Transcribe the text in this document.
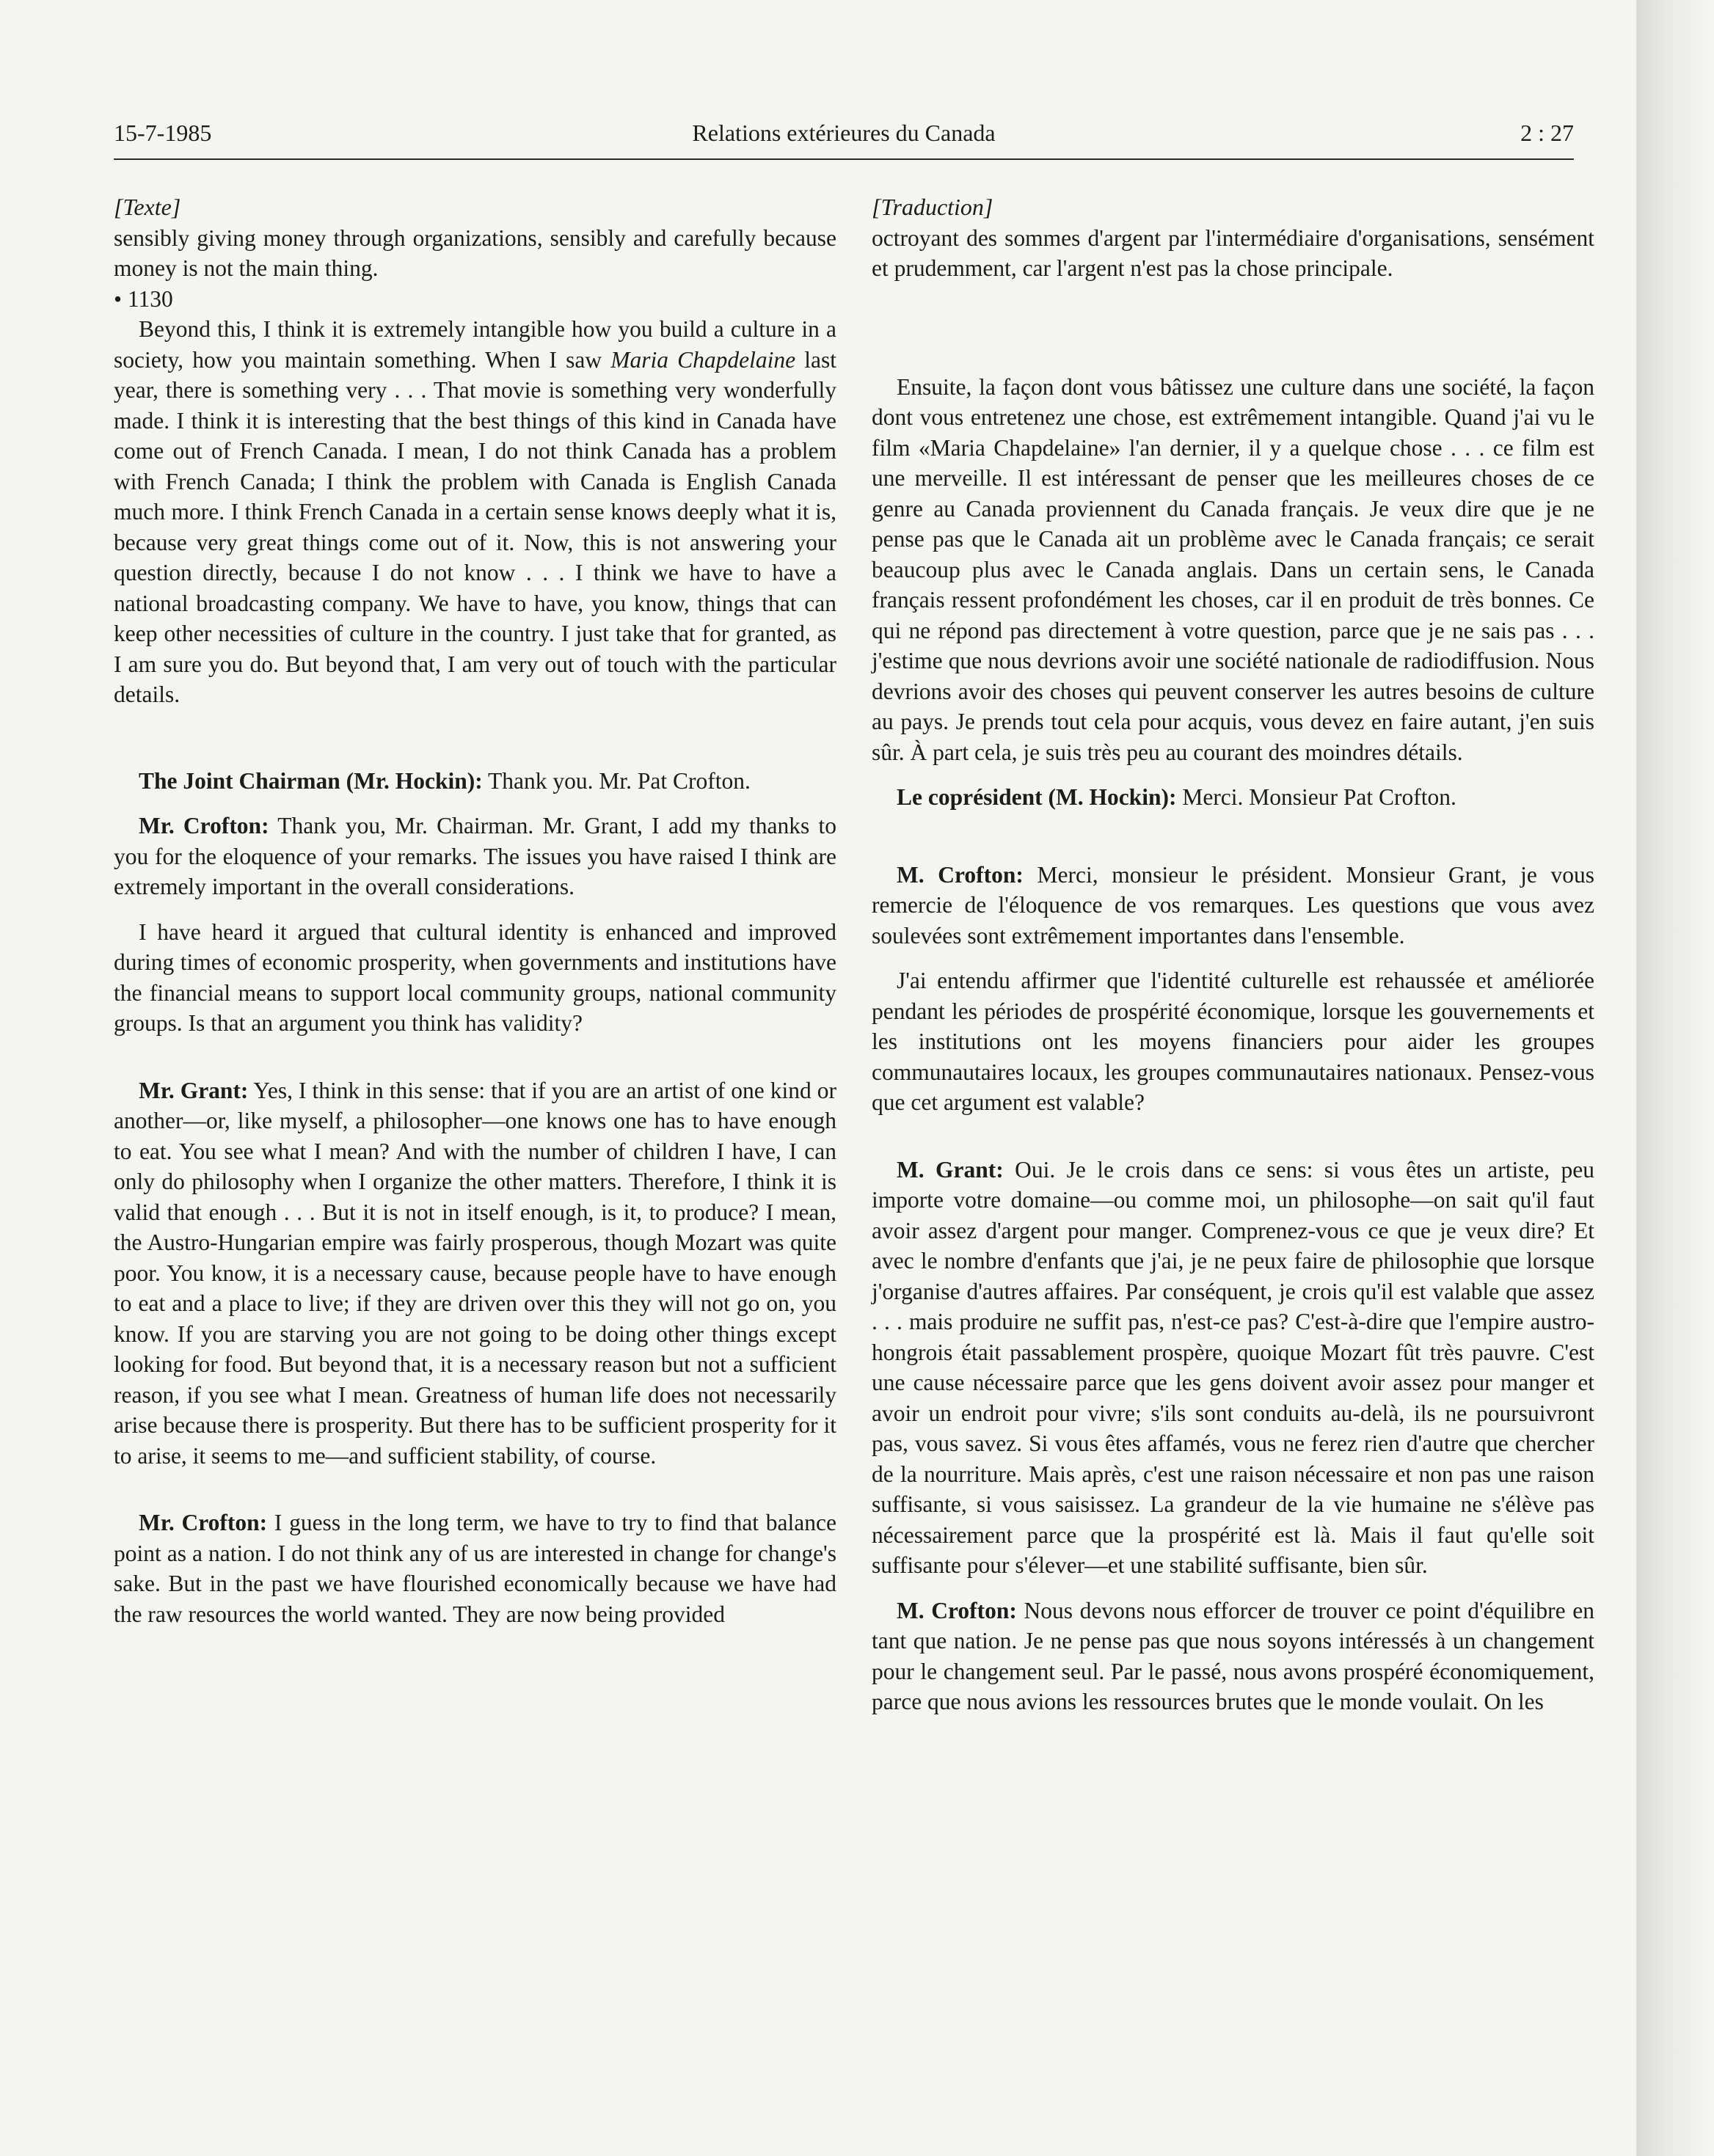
15-7-1985	Relations extérieures du Canada	2 : 27

[Texte]

sensibly giving money through organizations, sensibly and carefully because money is not the main thing.

• 1130

Beyond this, I think it is extremely intangible how you build a culture in a society, how you maintain something. When I saw Maria Chapdelaine last year, there is something very . . . That movie is something very wonderfully made. I think it is interesting that the best things of this kind in Canada have come out of French Canada. I mean, I do not think Canada has a problem with French Canada; I think the problem with Canada is English Canada much more. I think French Canada in a certain sense knows deeply what it is, because very great things come out of it. Now, this is not answering your question directly, because I do not know . . . I think we have to have a national broadcasting company. We have to have, you know, things that can keep other necessities of culture in the country. I just take that for granted, as I am sure you do. But beyond that, I am very out of touch with the particular details.

The Joint Chairman (Mr. Hockin): Thank you. Mr. Pat Crofton.

Mr. Crofton: Thank you, Mr. Chairman. Mr. Grant, I add my thanks to you for the eloquence of your remarks. The issues you have raised I think are extremely important in the overall considerations.

I have heard it argued that cultural identity is enhanced and improved during times of economic prosperity, when governments and institutions have the financial means to support local community groups, national community groups. Is that an argument you think has validity?

Mr. Grant: Yes, I think in this sense: that if you are an artist of one kind or another—or, like myself, a philosopher—one knows one has to have enough to eat. You see what I mean? And with the number of children I have, I can only do philosophy when I organize the other matters. Therefore, I think it is valid that enough . . . But it is not in itself enough, is it, to produce? I mean, the Austro-Hungarian empire was fairly prosperous, though Mozart was quite poor. You know, it is a necessary cause, because people have to have enough to eat and a place to live; if they are driven over this they will not go on, you know. If you are starving you are not going to be doing other things except looking for food. But beyond that, it is a necessary reason but not a sufficient reason, if you see what I mean. Greatness of human life does not necessarily arise because there is prosperity. But there has to be sufficient prosperity for it to arise, it seems to me—and sufficient stability, of course.

Mr. Crofton: I guess in the long term, we have to try to find that balance point as a nation. I do not think any of us are interested in change for change's sake. But in the past we have flourished economically because we have had the raw resources the world wanted. They are now being provided

[Traduction]

octroyant des sommes d'argent par l'intermédiaire d'organisations, sensément et prudemment, car l'argent n'est pas la chose principale.

Ensuite, la façon dont vous bâtissez une culture dans une société, la façon dont vous entretenez une chose, est extrêmement intangible. Quand j'ai vu le film «Maria Chapdelaine» l'an dernier, il y a quelque chose . . . ce film est une merveille. Il est intéressant de penser que les meilleures choses de ce genre au Canada proviennent du Canada français. Je veux dire que je ne pense pas que le Canada ait un problème avec le Canada français; ce serait beaucoup plus avec le Canada anglais. Dans un certain sens, le Canada français ressent profondément les choses, car il en produit de très bonnes. Ce qui ne répond pas directement à votre question, parce que je ne sais pas . . . j'estime que nous devrions avoir une société nationale de radiodiffusion. Nous devrions avoir des choses qui peuvent conserver les autres besoins de culture au pays. Je prends tout cela pour acquis, vous devez en faire autant, j'en suis sûr. À part cela, je suis très peu au courant des moindres détails.

Le coprésident (M. Hockin): Merci. Monsieur Pat Crofton.

M. Crofton: Merci, monsieur le président. Monsieur Grant, je vous remercie de l'éloquence de vos remarques. Les questions que vous avez soulevées sont extrêmement importantes dans l'ensemble.

J'ai entendu affirmer que l'identité culturelle est rehaussée et améliorée pendant les périodes de prospérité économique, lorsque les gouvernements et les institutions ont les moyens financiers pour aider les groupes communautaires locaux, les groupes communautaires nationaux. Pensez-vous que cet argument est valable?

M. Grant: Oui. Je le crois dans ce sens: si vous êtes un artiste, peu importe votre domaine—ou comme moi, un philosophe—on sait qu'il faut avoir assez d'argent pour manger. Comprenez-vous ce que je veux dire? Et avec le nombre d'enfants que j'ai, je ne peux faire de philosophie que lorsque j'organise d'autres affaires. Par conséquent, je crois qu'il est valable que assez . . . mais produire ne suffit pas, n'est-ce pas? C'est-à-dire que l'empire austro-hongrois était passablement prospère, quoique Mozart fût très pauvre. C'est une cause nécessaire parce que les gens doivent avoir assez pour manger et avoir un endroit pour vivre; s'ils sont conduits au-delà, ils ne poursuivront pas, vous savez. Si vous êtes affamés, vous ne ferez rien d'autre que chercher de la nourriture. Mais après, c'est une raison nécessaire et non pas une raison suffisante, si vous saisissez. La grandeur de la vie humaine ne s'élève pas nécessairement parce que la prospérité est là. Mais il faut qu'elle soit suffisante pour s'élever—et une stabilité suffisante, bien sûr.

M. Crofton: Nous devons nous efforcer de trouver ce point d'équilibre en tant que nation. Je ne pense pas que nous soyons intéressés à un changement pour le changement seul. Par le passé, nous avons prospéré économiquement, parce que nous avions les ressources brutes que le monde voulait. On les
